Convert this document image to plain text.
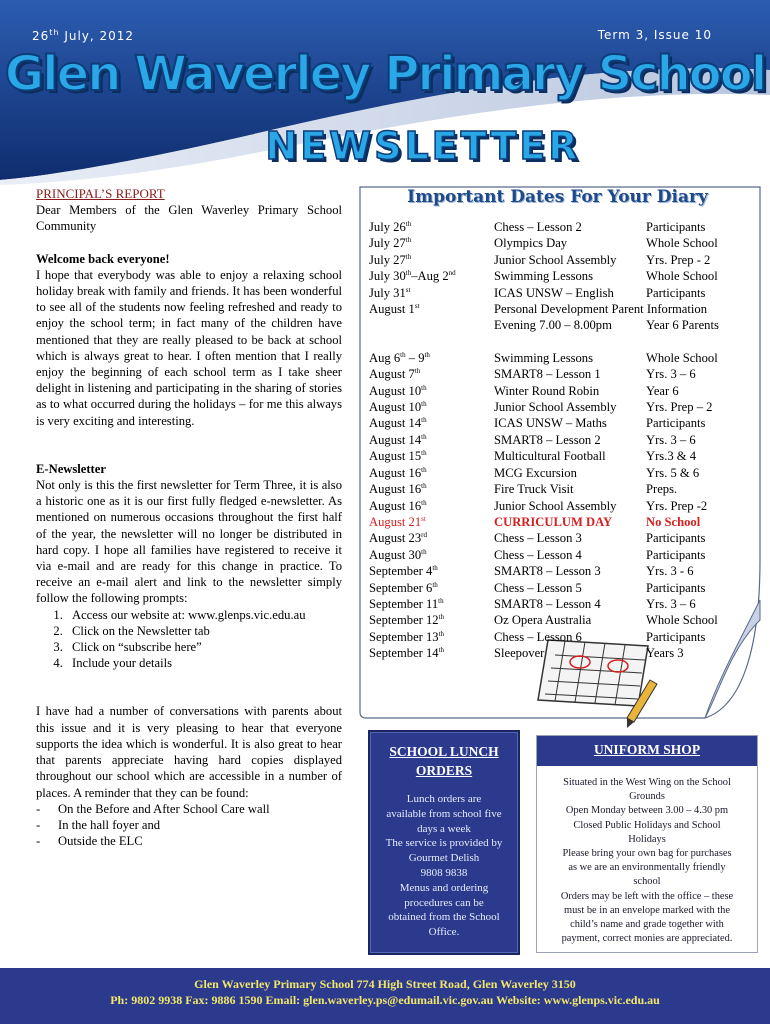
26th July, 2012	Term 3, Issue 10
Glen Waverley Primary School
NEWSLETTER

PRINCIPAL’S REPORT

Dear Members of the Glen Waverley Primary School Community

Welcome back everyone!

I hope that everybody was able to enjoy a relaxing school holiday break with family and friends. It has been wonderful to see all of the students now feeling refreshed and ready to enjoy the school term; in fact many of the children have mentioned that they are really pleased to be back at school which is always great to hear. I often mention that I really enjoy the beginning of each school term as I take sheer delight in listening and participating in the sharing of stories as to what occurred during the holidays – for me this always is very exciting and interesting.

E-Newsletter

Not only is this the first newsletter for Term Three, it is also a historic one as it is our first fully fledged e-newsletter. As mentioned on numerous occasions throughout the first half of the year, the newsletter will no longer be distributed in hard copy. I hope all families have registered to receive it via e-mail and are ready for this change in practice. To receive an e-mail alert and link to the newsletter simply follow the following prompts:

1. Access our website at: www.glenps.vic.edu.au
2. Click on the Newsletter tab
3. Click on “subscribe here”
4. Include your details

I have had a number of conversations with parents about this issue and it is very pleasing to hear that everyone supports the idea which is wonderful. It is also great to hear that parents appreciate having hard copies displayed throughout our school which are accessible in a number of places. A reminder that they can be found:

- On the Before and After School Care wall
- In the hall foyer and
- Outside the ELC
Important Dates For Your Diary
July 26th	Chess – Lesson 2	Participants
July 27th	Olympics Day	Whole School
July 27th	Junior School Assembly	Yrs. Prep - 2
July 30th–Aug 2nd	Swimming Lessons	Whole School
July 31st	ICAS UNSW – English	Participants
August 1st	Personal Development Parent Information	
	Evening 7.00 – 8.00pm	Year 6 Parents

Aug 6th – 9th	Swimming Lessons	Whole School
August 7th	SMART8 – Lesson 1	Yrs. 3 – 6
August 10th	Winter Round Robin	Year 6
August 10th	Junior School Assembly	Yrs. Prep – 2
August 14th	ICAS UNSW – Maths	Participants
August 14th	SMART8 – Lesson 2	Yrs. 3 – 6
August 15th	Multicultural Football	Yrs.3 & 4
August 16th	MCG Excursion	Yrs. 5 & 6
August 16th	Fire Truck Visit	Preps.
August 16th	Junior School Assembly	Yrs. Prep -2
August 21st	CURRICULUM DAY	No School
August 23rd	Chess – Lesson 3	Participants
August 30th	Chess – Lesson 4	Participants
September 4th	SMART8 – Lesson 3	Yrs. 3 - 6
September 6th	Chess – Lesson 5	Participants
September 11th	SMART8 – Lesson 4	Yrs. 3 – 6
September 12th	Oz Opera Australia	Whole School
September 13th	Chess – Lesson 6	Participants
September 14th	Sleepover	Years 3
SCHOOL LUNCH
ORDERS
Lunch orders are
available from school five
days a week
The service is provided by
Gourmet Delish
9808 9838
Menus and ordering
procedures can be
obtained from the School
Office.
UNIFORM SHOP
Situated in the West Wing on the School
Grounds
Open Monday between 3.00 – 4.30 pm
Closed Public Holidays and School
Holidays
Please bring your own bag for purchases
as we are an environmentally friendly
school
Orders may be left with the office – these
must be in an envelope marked with the
child’s name and grade together with
payment, correct monies are appreciated.
Glen Waverley Primary School 774 High Street Road, Glen Waverley 3150
Ph: 9802 9938 Fax: 9886 1590 Email: glen.waverley.ps@edumail.vic.gov.au Website: www.glenps.vic.edu.au
